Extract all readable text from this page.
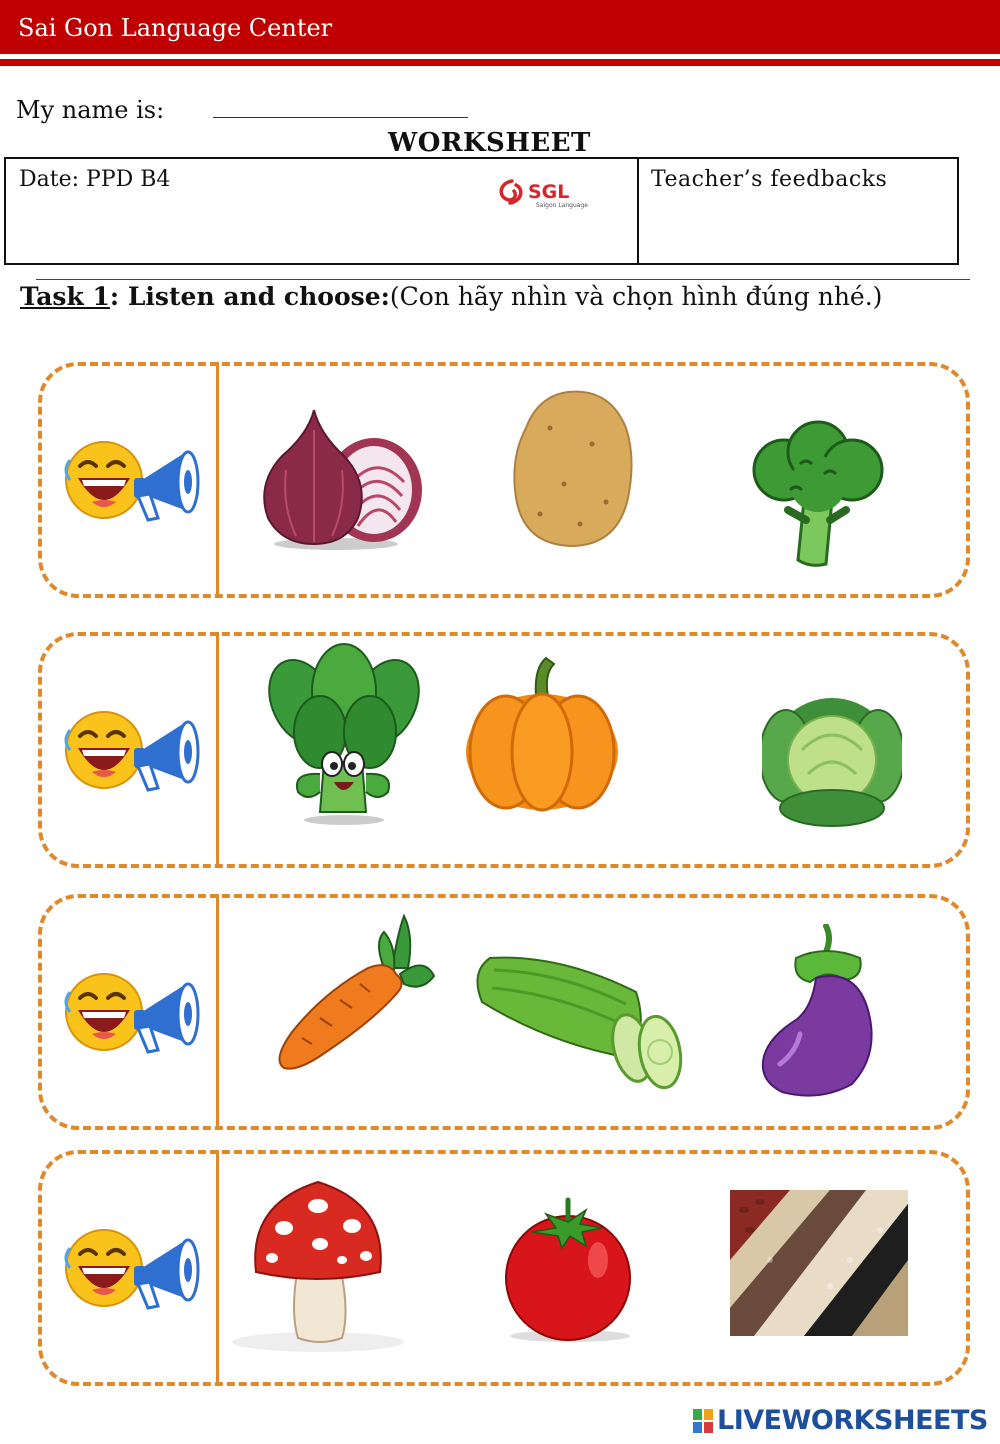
Sai Gon Language Center
My name is:
WORKSHEET
Date: PPD B4	Teacher’s feedbacks
SGL
Saigon Language
Task 1: Listen and choose:(Con hãy nhìn và chọn hình đúng nhé.)
LIVEWORKSHEETS
